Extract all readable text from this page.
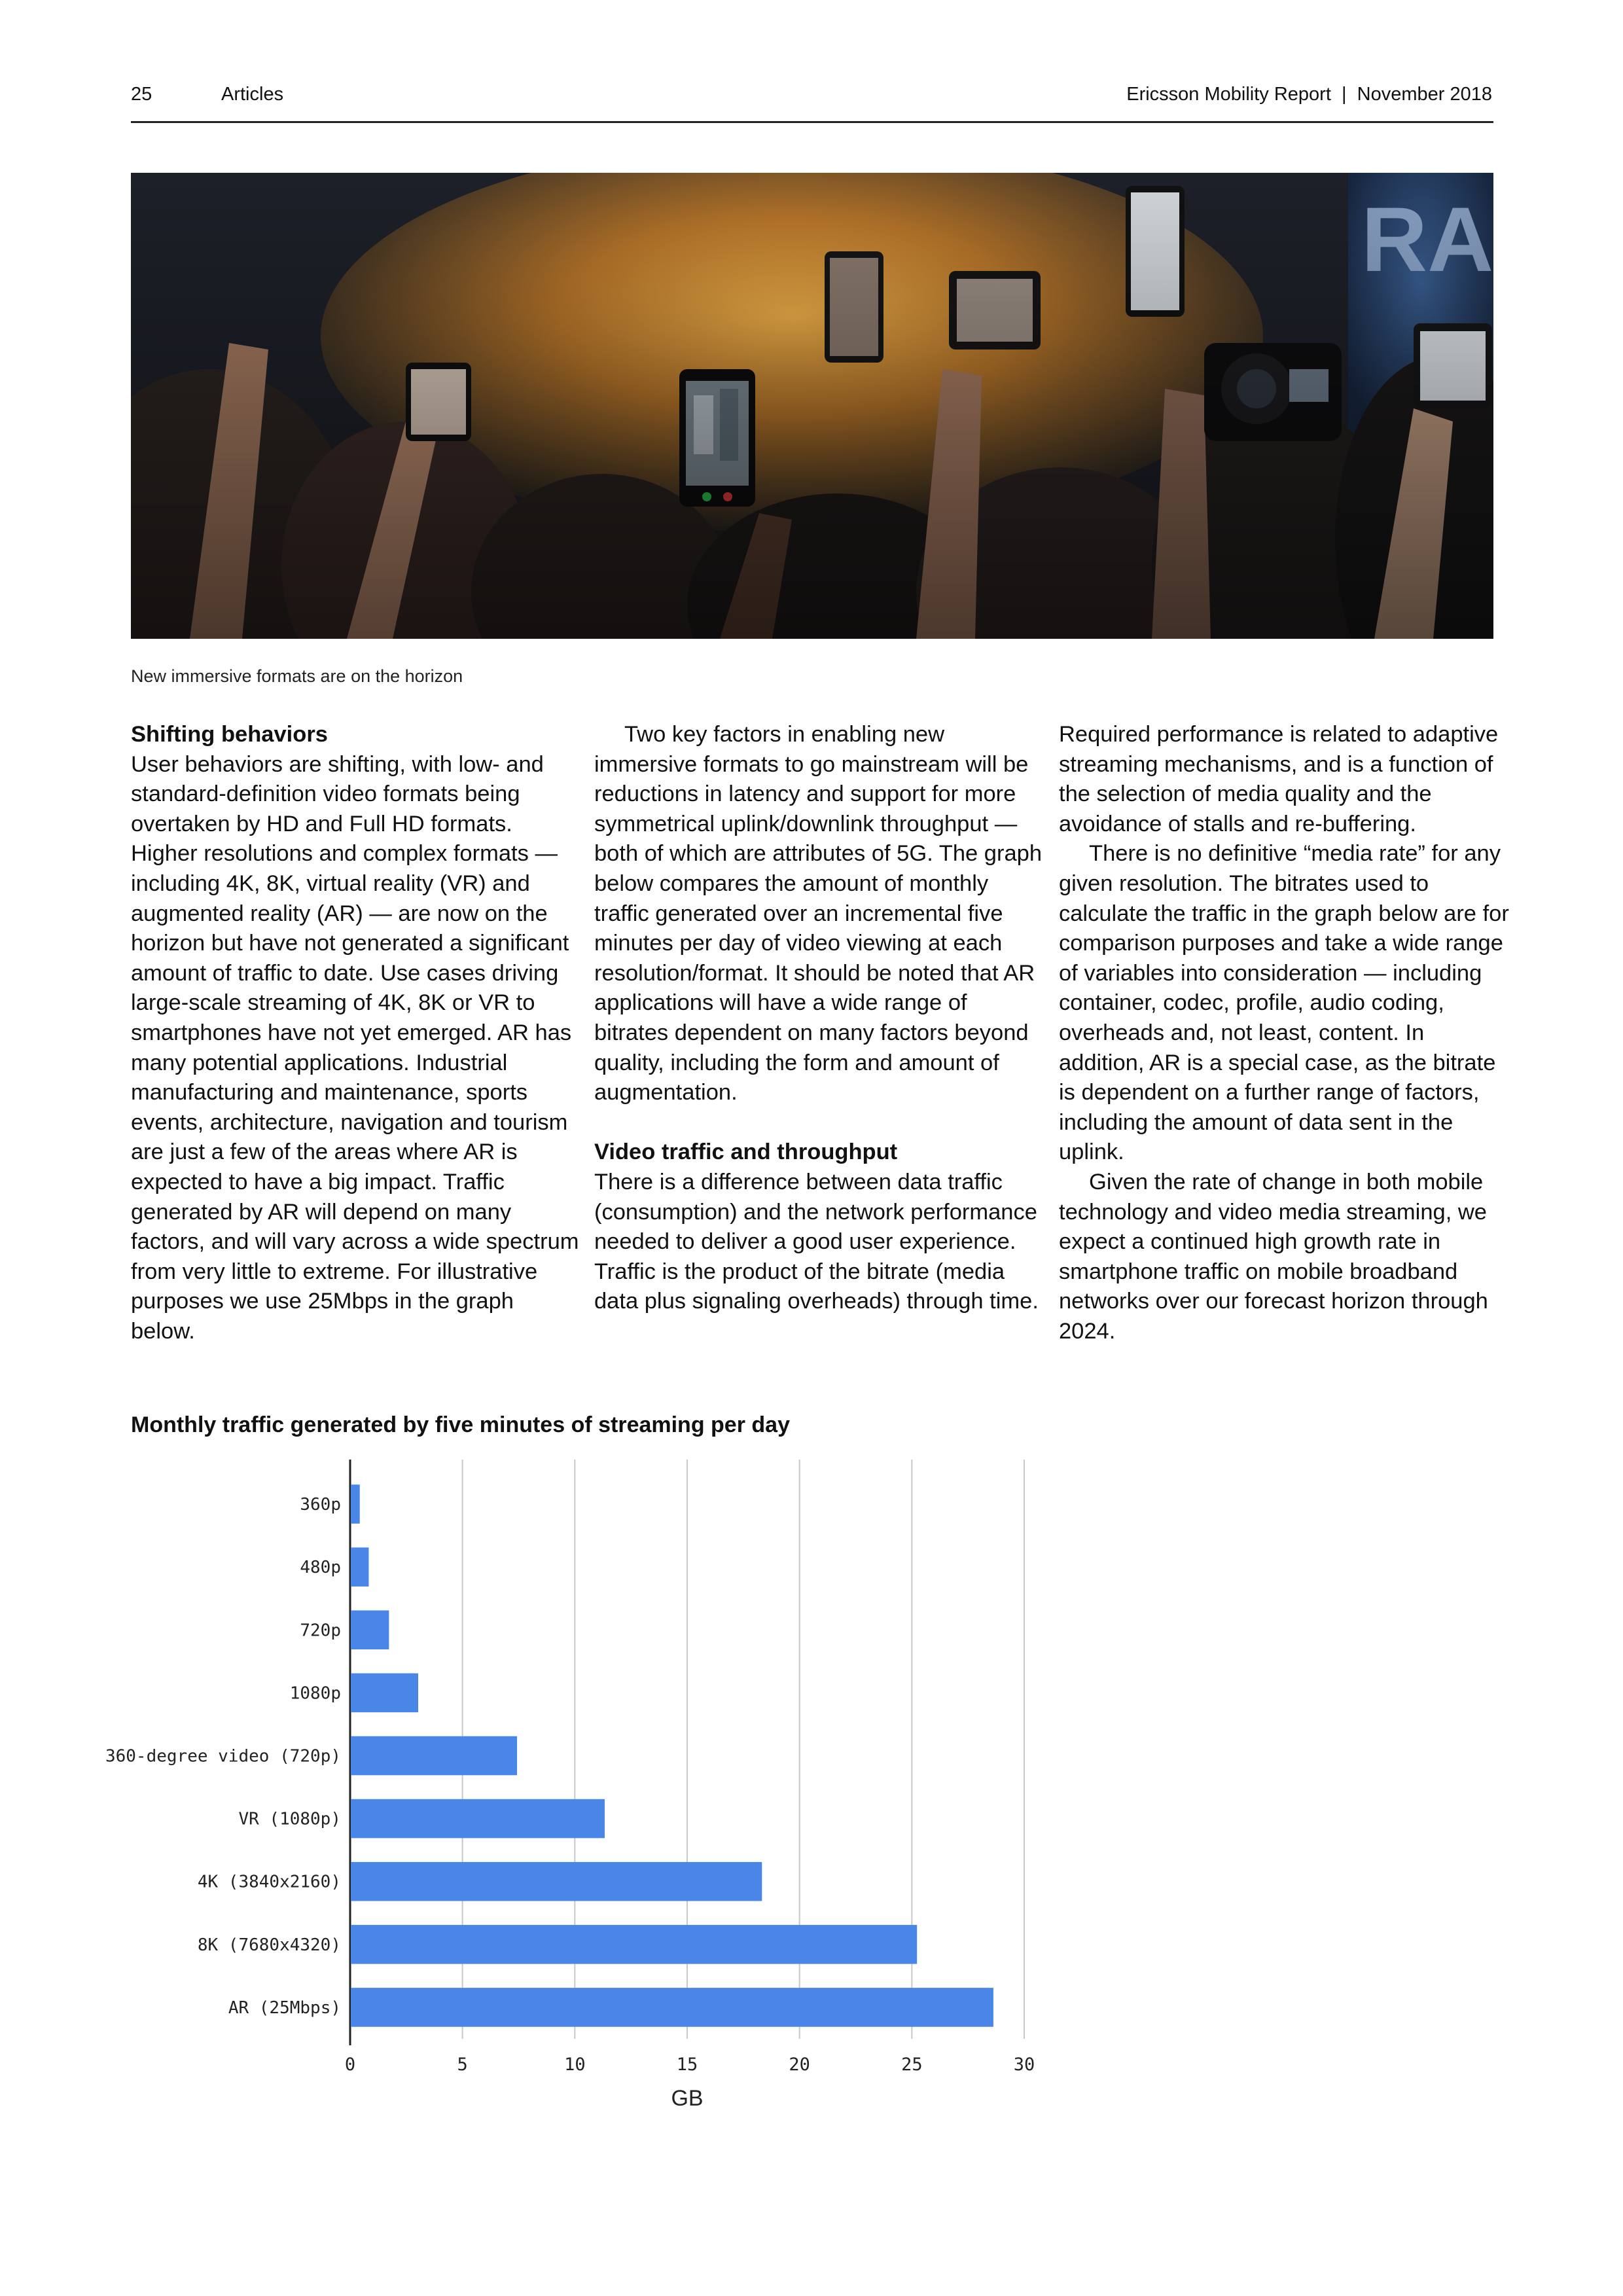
25	Articles	Ericsson Mobility Report  |  November 2018
New immersive formats are on the horizon
Shifting behaviors

User behaviors are shifting, with low- and standard-definition video formats being overtaken by HD and Full HD formats. Higher resolutions and complex formats — including 4K, 8K, virtual reality (VR) and augmented reality (AR) — are now on the horizon but have not generated a significant amount of traffic to date. Use cases driving large-scale streaming of 4K, 8K or VR to smartphones have not yet emerged. AR has many potential applications. Industrial manufacturing and maintenance, sports events, architecture, navigation and tourism are just a few of the areas where AR is expected to have a big impact. Traffic generated by AR will depend on many factors, and will vary across a wide spectrum from very little to extreme. For illustrative purposes we use 25Mbps in the graph below.

Two key factors in enabling new immersive formats to go mainstream will be reductions in latency and support for more symmetrical uplink/downlink throughput — both of which are attributes of 5G. The graph below compares the amount of monthly traffic generated over an incremental five minutes per day of video viewing at each resolution/format. It should be noted that AR applications will have a wide range of bitrates dependent on many factors beyond quality, including the form and amount of augmentation.

Video traffic and throughput

There is a difference between data traffic (consumption) and the network performance needed to deliver a good user experience. Traffic is the product of the bitrate (media data plus signaling overheads) through time.

Required performance is related to adaptive streaming mechanisms, and is a function of the selection of media quality and the avoidance of stalls and re-buffering.

There is no definitive “media rate” for any given resolution. The bitrates used to calculate the traffic in the graph below are for comparison purposes and take a wide range of variables into consideration — including container, codec, profile, audio coding, overheads and, not least, content. In addition, AR is a special case, as the bitrate is dependent on a further range of factors, including the amount of data sent in the uplink.

Given the rate of change in both mobile technology and video media streaming, we expect a continued high growth rate in smartphone traffic on mobile broadband networks over our forecast horizon through 2024.

Monthly traffic generated by five minutes of streaming per day
360p
480p
720p
1080p
360-degree video (720p)
VR (1080p)
4K (3840x2160)
8K (7680x4320)
AR (25Mbps)
0	5	10	15	20	25	30
GB
